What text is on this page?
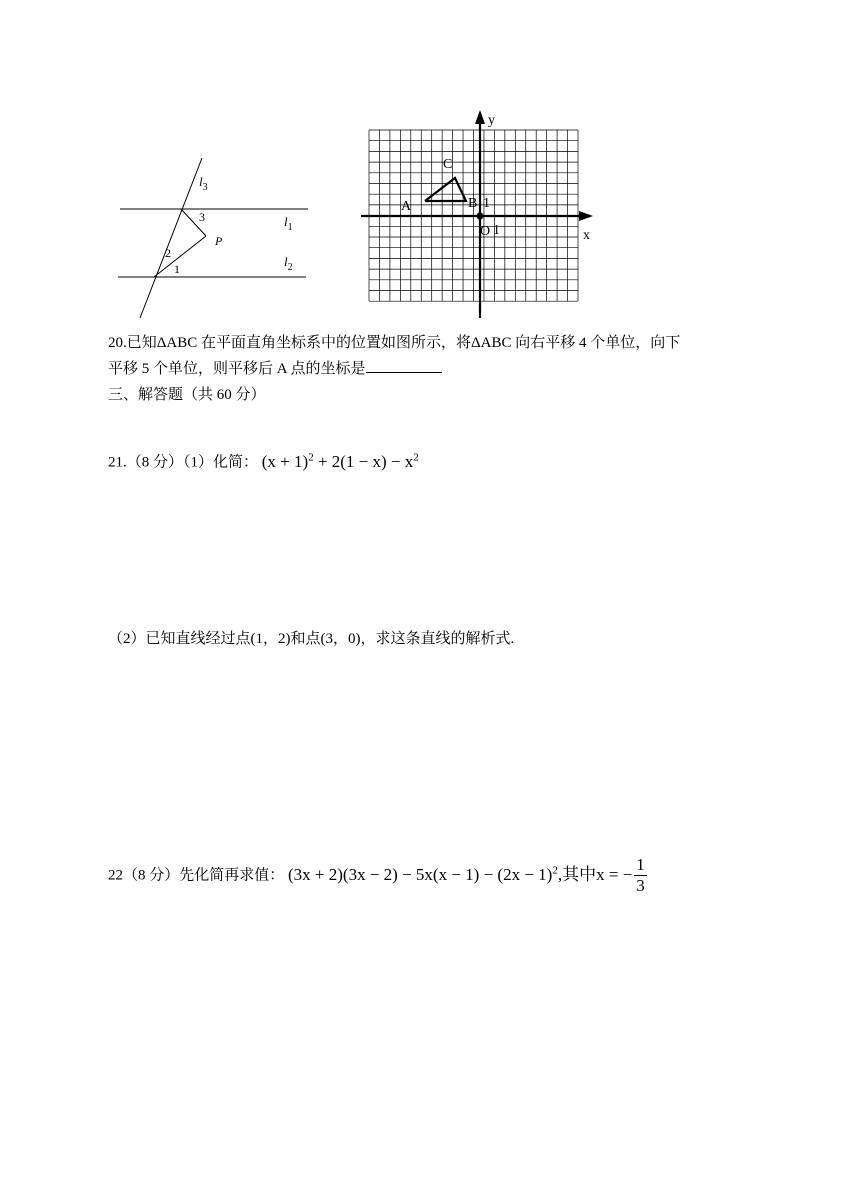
$l_3$
$l_1$
$l_2$
3
2
1
P
y
x
A
C
B 1
O 1
20.已知ΔABC 在平面直角坐标系中的位置如图所示，将ΔABC 向右平移 4 个单位，向下
平移 5 个单位，则平移后 A 点的坐标是
三、解答题（共 60 分）
21.（8 分）（1）化简： $(x + 1)^2 + 2(1 - x) - x^2$
（2）已知直线经过点(1，2)和点(3，0)，求这条直线的解析式.
22（8 分）先化简再求值： $(3x + 2)(3x - 2) - 5x(x - 1) - (2x - 1)^2$,其中x = − $\frac{1}{3}$
